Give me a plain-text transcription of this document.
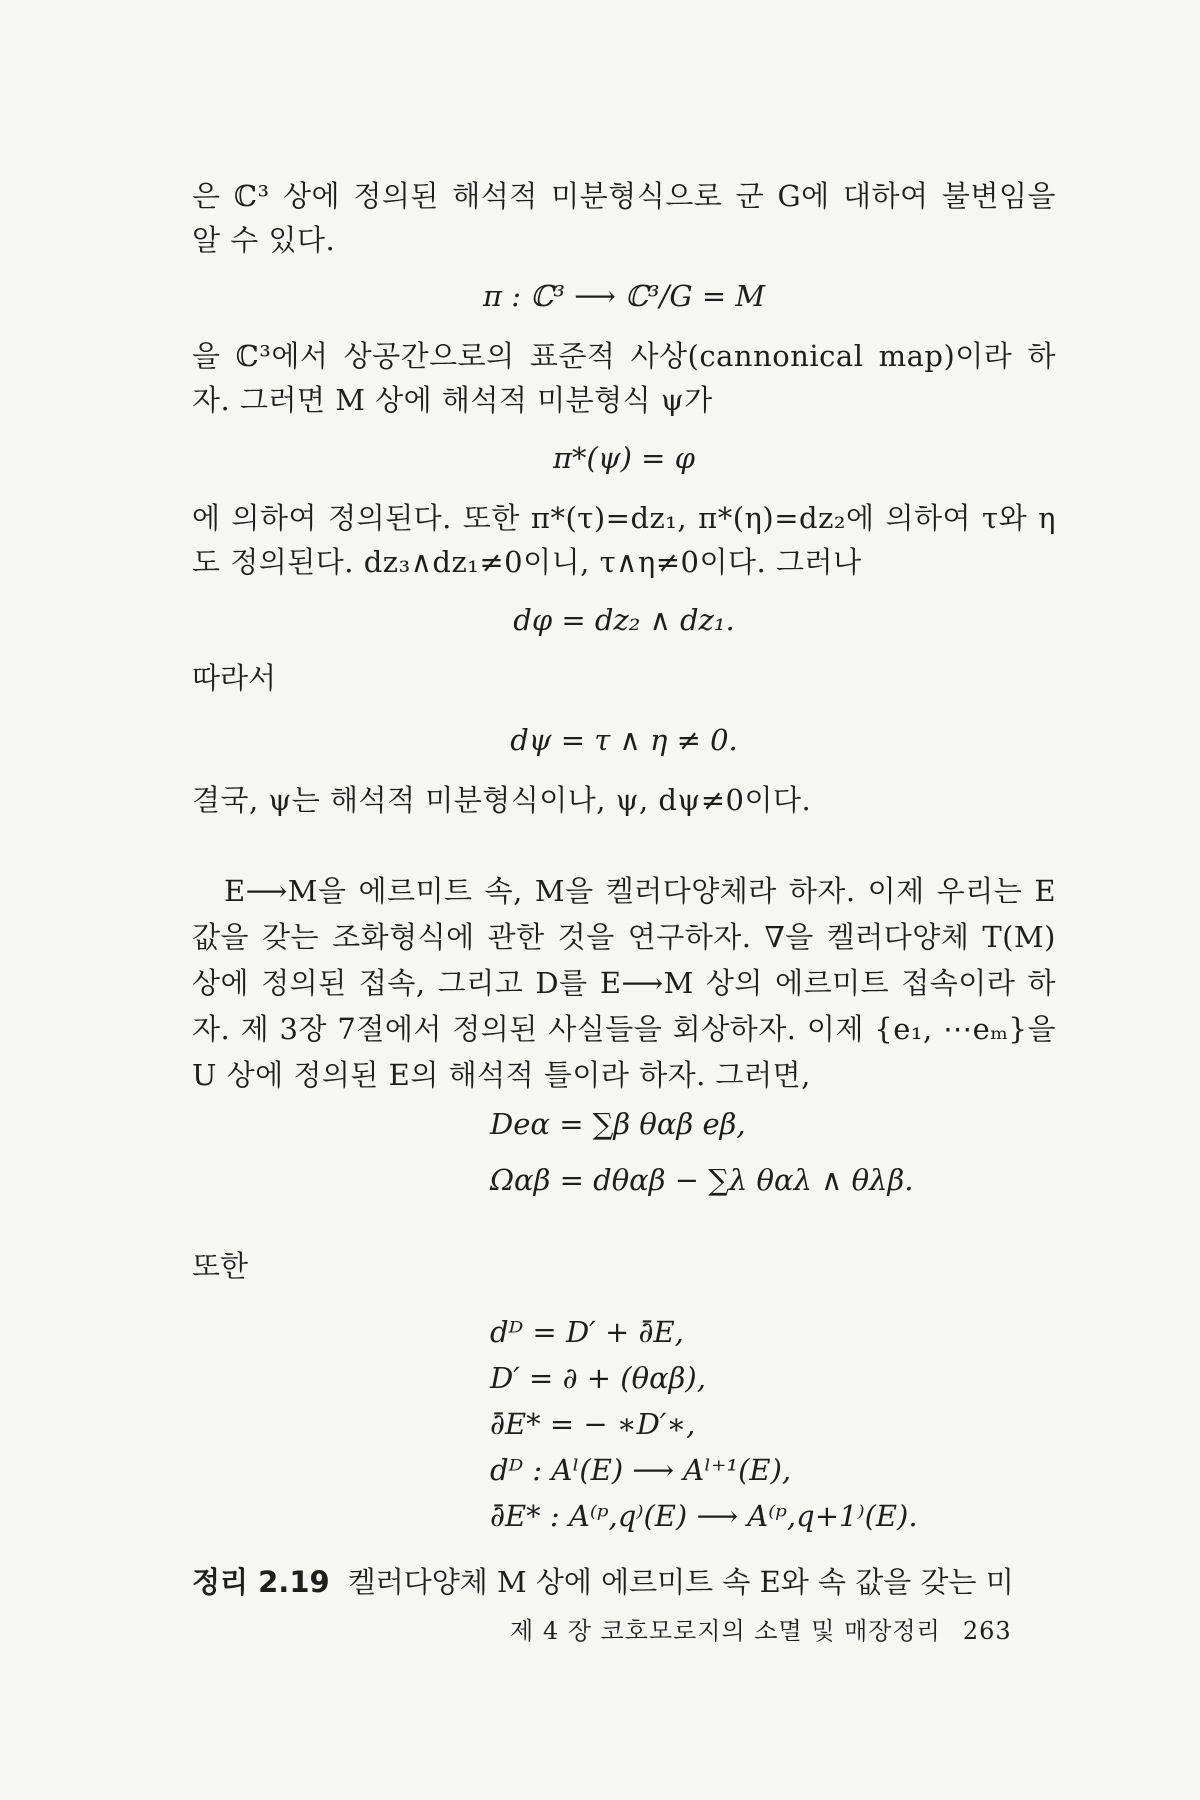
은 ℂ³ 상에 정의된 해석적 미분형식으로 군 G에 대하여 불변임을 알 수 있다.
π : ℂ³ ⟶ ℂ³/G = M
을 ℂ³에서 상공간으로의 표준적 사상(cannonical map)이라 하자. 그러면 M 상에 해석적 미분형식 ψ가
π*(ψ) = φ
에 의하여 정의된다. 또한 π*(τ)=dz₁, π*(η)=dz₂에 의하여 τ와 η도 정의된다. dz₃∧dz₁≠0이니, τ∧η≠0이다. 그러나
dφ = dz₂ ∧ dz₁.
따라서
dψ = τ ∧ η ≠ 0.
결국, ψ는 해석적 미분형식이나, ψ, dψ≠0이다.
E⟶M을 에르미트 속, M을 켈러다양체라 하자. 이제 우리는 E 값을 갖는 조화형식에 관한 것을 연구하자. ∇을 켈러다양체 T(M) 상에 정의된 접속, 그리고 D를 E⟶M 상의 에르미트 접속이라 하자. 제 3장 7절에서 정의된 사실들을 회상하자. 이제 {e₁, ⋯eₘ}을 U 상에 정의된 E의 해석적 틀이라 하자. 그러면,
Deα = ∑β θαβ eβ,
Ωαβ = dθαβ − ∑λ θαλ ∧ θλβ.
또한
dᴰ = D′ + ∂̄E,
D′ = ∂ + (θαβ),
∂̄E* = − ∗D′∗,
dᴰ : Aˡ(E) ⟶ Aˡ⁺¹(E),
∂̄E* : A⁽ᵖ,q⁾(E) ⟶ A⁽ᵖ,q+1⁾(E).
정리 2.19 켈러다양체 M 상에 에르미트 속 E와 속 값을 갖는 미
제 4 장 코호모로지의 소멸 및 매장정리 263
